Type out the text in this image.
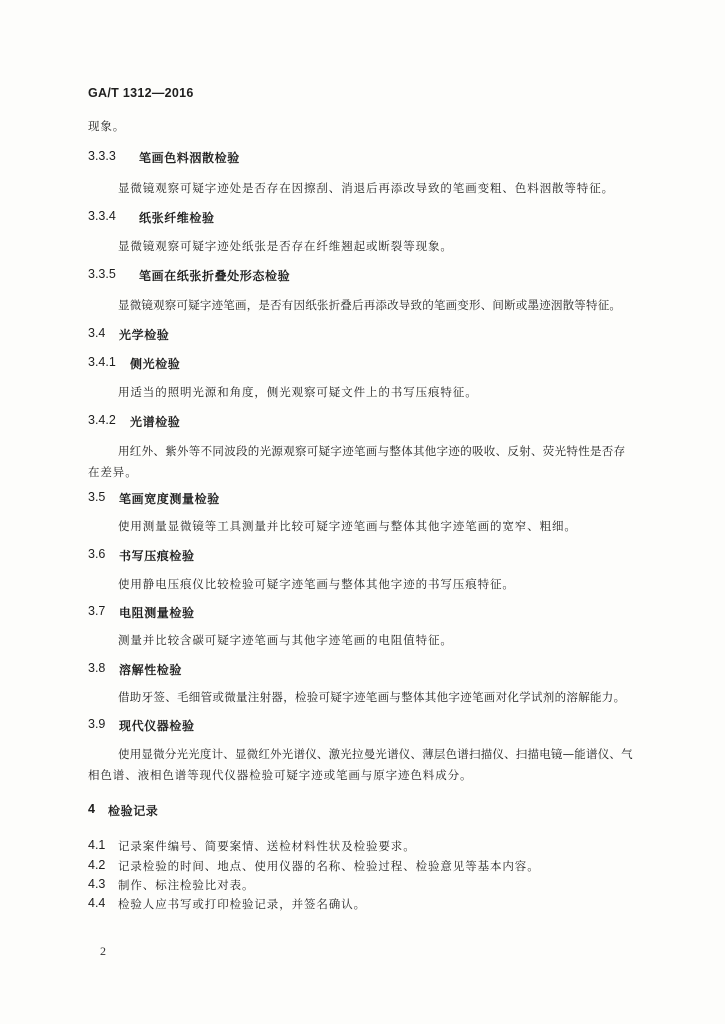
GA/T 1312—2016
现象。
3.3.3 笔画色料洇散检验
显微镜观察可疑字迹处是否存在因擦刮、消退后再添改导致的笔画变粗、色料洇散等特征。
3.3.4 纸张纤维检验
显微镜观察可疑字迹处纸张是否存在纤维翘起或断裂等现象。
3.3.5 笔画在纸张折叠处形态检验
显微镜观察可疑字迹笔画，是否有因纸张折叠后再添改导致的笔画变形、间断或墨迹洇散等特征。
3.4 光学检验
3.4.1 侧光检验
用适当的照明光源和角度，侧光观察可疑文件上的书写压痕特征。
3.4.2 光谱检验
用红外、紫外等不同波段的光源观察可疑字迹笔画与整体其他字迹的吸收、反射、荧光特性是否存
在差异。
3.5 笔画宽度测量检验
使用测量显微镜等工具测量并比较可疑字迹笔画与整体其他字迹笔画的宽窄、粗细。
3.6 书写压痕检验
使用静电压痕仪比较检验可疑字迹笔画与整体其他字迹的书写压痕特征。
3.7 电阻测量检验
测量并比较含碳可疑字迹笔画与其他字迹笔画的电阻值特征。
3.8 溶解性检验
借助牙签、毛细管或微量注射器，检验可疑字迹笔画与整体其他字迹笔画对化学试剂的溶解能力。
3.9 现代仪器检验
使用显微分光光度计、显微红外光谱仪、激光拉曼光谱仪、薄层色谱扫描仪、扫描电镜—能谱仪、气
相色谱、液相色谱等现代仪器检验可疑字迹或笔画与原字迹色料成分。
4 检验记录
4.1 记录案件编号、简要案情、送检材料性状及检验要求。
4.2 记录检验的时间、地点、使用仪器的名称、检验过程、检验意见等基本内容。
4.3 制作、标注检验比对表。
4.4 检验人应书写或打印检验记录，并签名确认。
2
